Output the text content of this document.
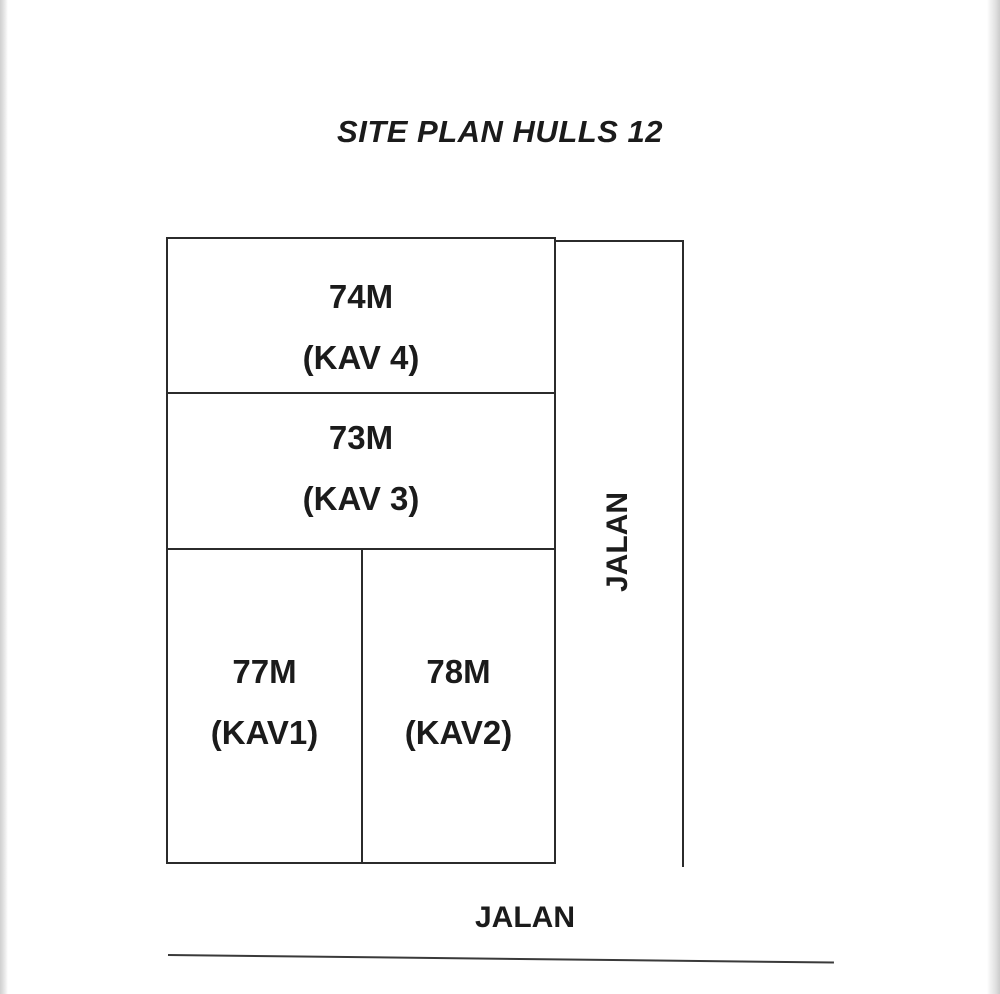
SITE PLAN HULLS 12
74M
(KAV 4)
73M
(KAV 3)
77M
(KAV1)
78M
(KAV2)
JALAN
JALAN
